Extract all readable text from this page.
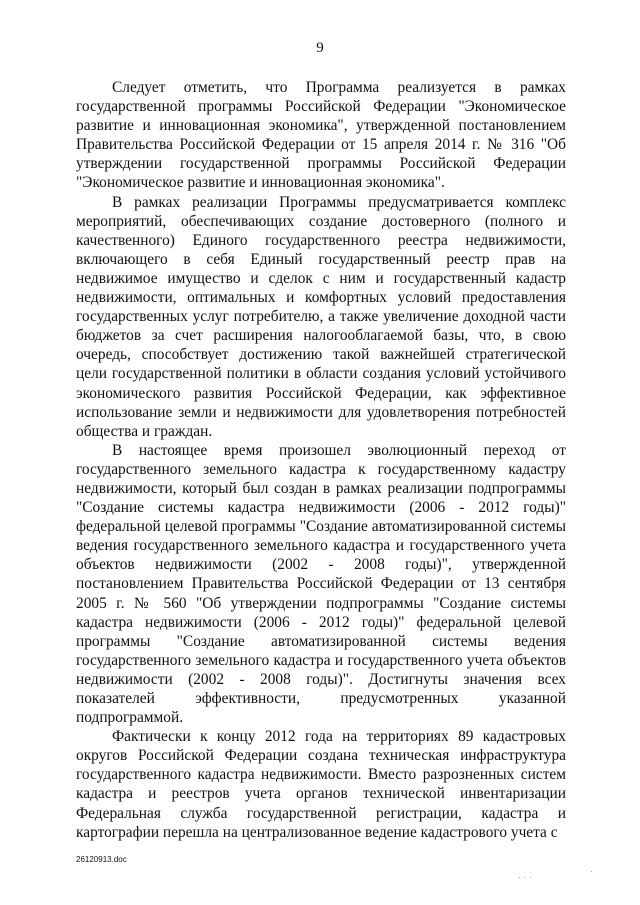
9

Следует отметить, что Программа реализуется в рамках государственной программы Российской Федерации "Экономическое развитие и инновационная экономика", утвержденной постановлением Правительства Российской Федерации от 15 апреля 2014 г. № 316 "Об утверждении государственной программы Российской Федерации "Экономическое развитие и инновационная экономика".

В рамках реализации Программы предусматривается комплекс мероприятий, обеспечивающих создание достоверного (полного и качественного) Единого государственного реестра недвижимости, включающего в себя Единый государственный реестр прав на недвижимое имущество и сделок с ним и государственный кадастр недвижимости, оптимальных и комфортных условий предоставления государственных услуг потребителю, а также увеличение доходной части бюджетов за счет расширения налогооблагаемой базы, что, в свою очередь, способствует достижению такой важнейшей стратегической цели государственной политики в области создания условий устойчивого экономического развития Российской Федерации, как эффективное использование земли и недвижимости для удовлетворения потребностей общества и граждан.

В настоящее время произошел эволюционный переход от государственного земельного кадастра к государственному кадастру недвижимости, который был создан в рамках реализации подпрограммы "Создание системы кадастра недвижимости (2006 - 2012 годы)" федеральной целевой программы "Создание автоматизированной системы ведения государственного земельного кадастра и государственного учета объектов недвижимости (2002 - 2008 годы)", утвержденной постановлением Правительства Российской Федерации от 13 сентября 2005 г. № 560 "Об утверждении подпрограммы "Создание системы кадастра недвижимости (2006 - 2012 годы)" федеральной целевой программы "Создание автоматизированной системы ведения государственного земельного кадастра и государственного учета объектов недвижимости (2002 - 2008 годы)". Достигнуты значения всех показателей эффективности, предусмотренных указанной подпрограммой.

Фактически к концу 2012 года на территориях 89 кадастровых округов Российской Федерации создана техническая инфраструктура государственного кадастра недвижимости. Вместо разрозненных систем кадастра и реестров учета органов технической инвентаризации Федеральная служба государственной регистрации, кадастра и картографии перешла на централизованное ведение кадастрового учета с

26120913.doc
· · ·
·
